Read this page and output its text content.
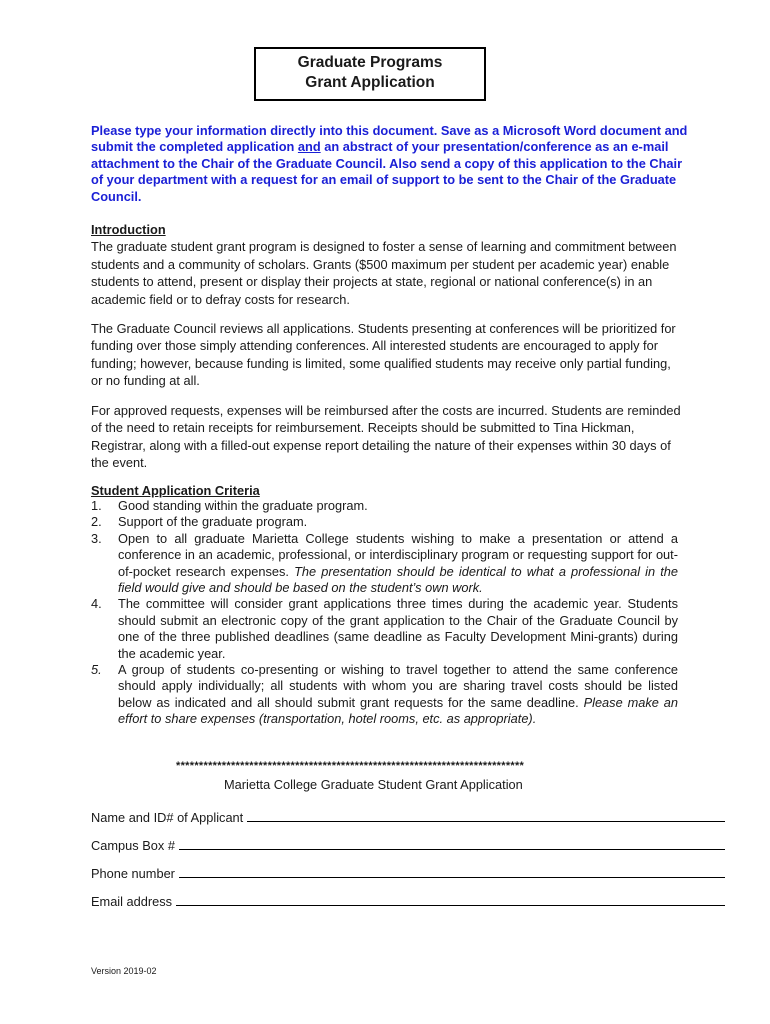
Graduate Programs
Grant Application
Please type your information directly into this document. Save as a Microsoft Word document and submit the completed application and an abstract of your presentation/conference as an e-mail attachment to the Chair of the Graduate Council. Also send a copy of this application to the Chair of your department with a request for an email of support to be sent to the Chair of the Graduate Council.
Introduction
The graduate student grant program is designed to foster a sense of learning and commitment between students and a community of scholars. Grants ($500 maximum per student per academic year) enable students to attend, present or display their projects at state, regional or national conference(s) in an academic field or to defray costs for research.
The Graduate Council reviews all applications. Students presenting at conferences will be prioritized for funding over those simply attending conferences. All interested students are encouraged to apply for funding; however, because funding is limited, some qualified students may receive only partial funding, or no funding at all.
For approved requests, expenses will be reimbursed after the costs are incurred. Students are reminded of the need to retain receipts for reimbursement. Receipts should be submitted to Tina Hickman, Registrar, along with a filled-out expense report detailing the nature of their expenses within 30 days of the event.
Student Application Criteria
1. Good standing within the graduate program.
2. Support of the graduate program.
3. Open to all graduate Marietta College students wishing to make a presentation or attend a conference in an academic, professional, or interdisciplinary program or requesting support for out-of-pocket research expenses. The presentation should be identical to what a professional in the field would give and should be based on the student’s own work.
4. The committee will consider grant applications three times during the academic year. Students should submit an electronic copy of the grant application to the Chair of the Graduate Council by one of the three published deadlines (same deadline as Faculty Development Mini-grants) during the academic year.
5. A group of students co-presenting or wishing to travel together to attend the same conference should apply individually; all students with whom you are sharing travel costs should be listed below as indicated and all should submit grant requests for the same deadline. Please make an effort to share expenses (transportation, hotel rooms, etc. as appropriate).
****************************************************************************
Marietta College Graduate Student Grant Application
Name and ID# of Applicant
Campus Box #
Phone number
Email address
Version 2019-02
